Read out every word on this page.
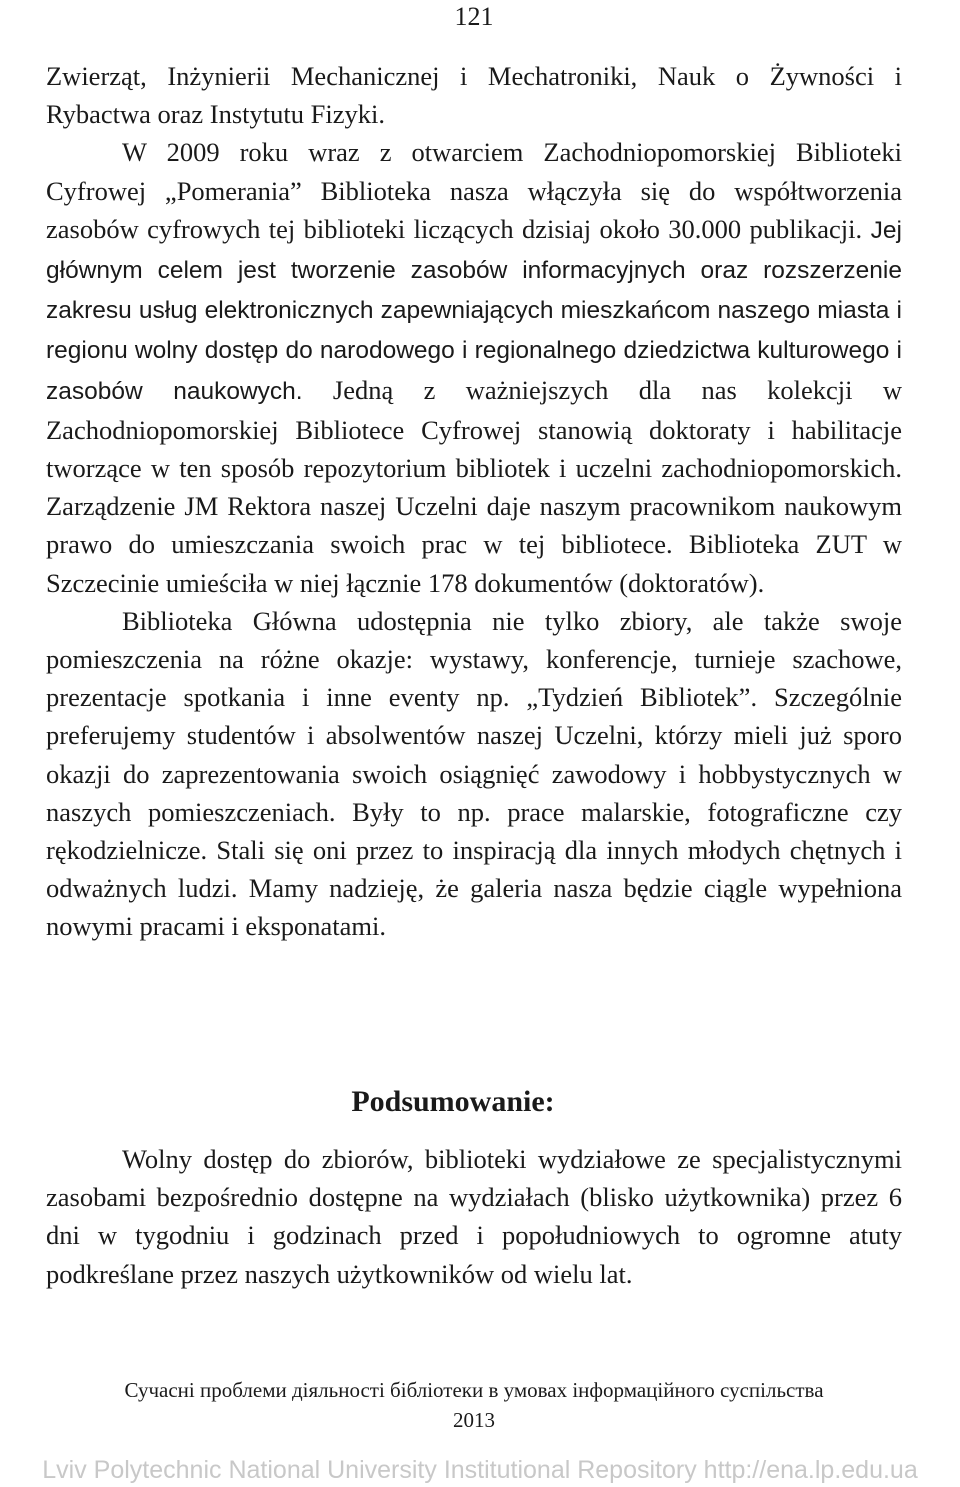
121

Zwierząt, Inżynierii Mechanicznej i Mechatroniki, Nauk o Żywności i Rybactwa oraz Instytutu Fizyki.

W 2009 roku wraz z otwarciem Zachodniopomorskiej Biblioteki Cyfrowej „Pomerania” Biblioteka nasza włączyła się do współtworzenia zasobów cyfrowych tej biblioteki liczących dzisiaj około 30.000 publikacji. Jej głównym celem jest tworzenie zasobów informacyjnych oraz rozszerzenie zakresu usług elektronicznych zapewniających mieszkańcom naszego miasta i regionu wolny dostęp do narodowego i regionalnego dziedzictwa kulturowego i zasobów naukowych. Jedną z ważniejszych dla nas kolekcji w Zachodniopomorskiej Bibliotece Cyfrowej stanowią doktoraty i habilitacje tworzące w ten sposób repozytorium bibliotek i uczelni zachodniopomorskich. Zarządzenie JM Rektora naszej Uczelni daje naszym pracownikom naukowym prawo do umieszczania swoich prac w tej bibliotece. Biblioteka ZUT w Szczecinie umieściła w niej łącznie 178 dokumentów (doktoratów).

Biblioteka Główna udostępnia nie tylko zbiory, ale także swoje pomieszczenia na różne okazje: wystawy, konferencje, turnieje szachowe, prezentacje spotkania i inne eventy np. „Tydzień Bibliotek”. Szczególnie preferujemy studentów i absolwentów naszej Uczelni, którzy mieli już sporo okazji do zaprezentowania swoich osiągnięć zawodowy i hobbystycznych w naszych pomieszczeniach. Były to np. prace malarskie, fotograficzne czy rękodzielnicze. Stali się oni przez to inspiracją dla innych młodych chętnych i odważnych ludzi. Mamy nadzieję, że galeria nasza będzie ciągle wypełniona nowymi pracami i eksponatami.

Podsumowanie:

Wolny dostęp do zbiorów, biblioteki wydziałowe ze specjalistycznymi zasobami bezpośrednio dostępne na wydziałach (blisko użytkownika) przez 6 dni w tygodniu i godzinach przed i popołudniowych to ogromne atuty podkreślane przez naszych użytkowników od wielu lat.

Сучасні проблеми діяльності бібліотеки в умовах інформаційного суспільства
2013
Lviv Polytechnic National University Institutional Repository http://ena.lp.edu.ua
